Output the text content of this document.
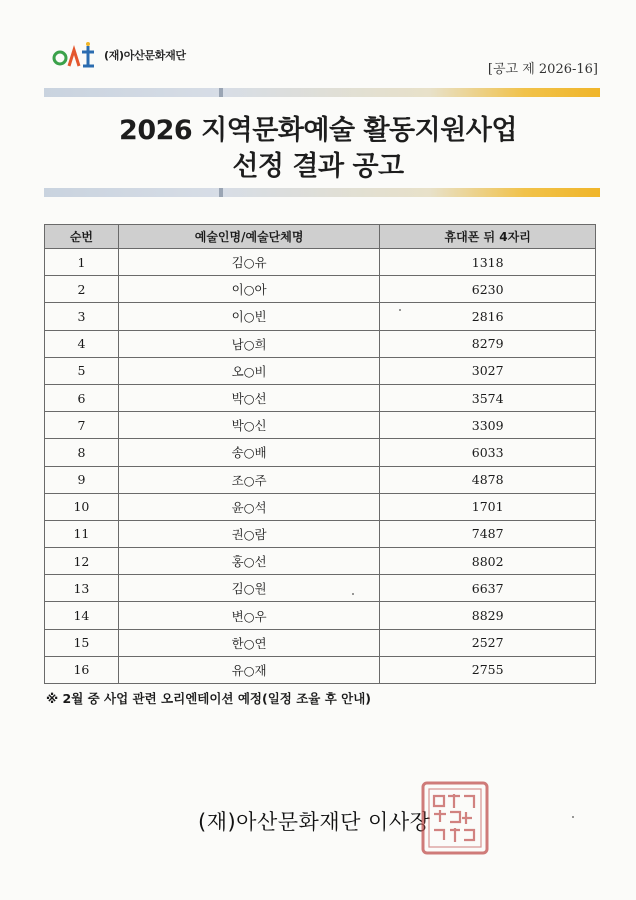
(재)아산문화재단
[공고 제 2026-16]
2026 지역문화예술 활동지원사업
선정 결과 공고
순번	예술인명/예술단체명	휴대폰 뒤 4자리
1	김○유	1318
2	이○아	6230
3	이○빈	2816
4	남○희	8279
5	오○비	3027
6	박○선	3574
7	박○신	3309
8	송○배	6033
9	조○주	4878
10	윤○석	1701
11	권○람	7487
12	홍○선	8802
13	김○원	6637
14	변○우	8829
15	한○연	2527
16	유○재	2755
※ 2월 중 사업 관련 오리엔테이션 예정(일정 조율 후 안내)
(재)아산문화재단 이사장
